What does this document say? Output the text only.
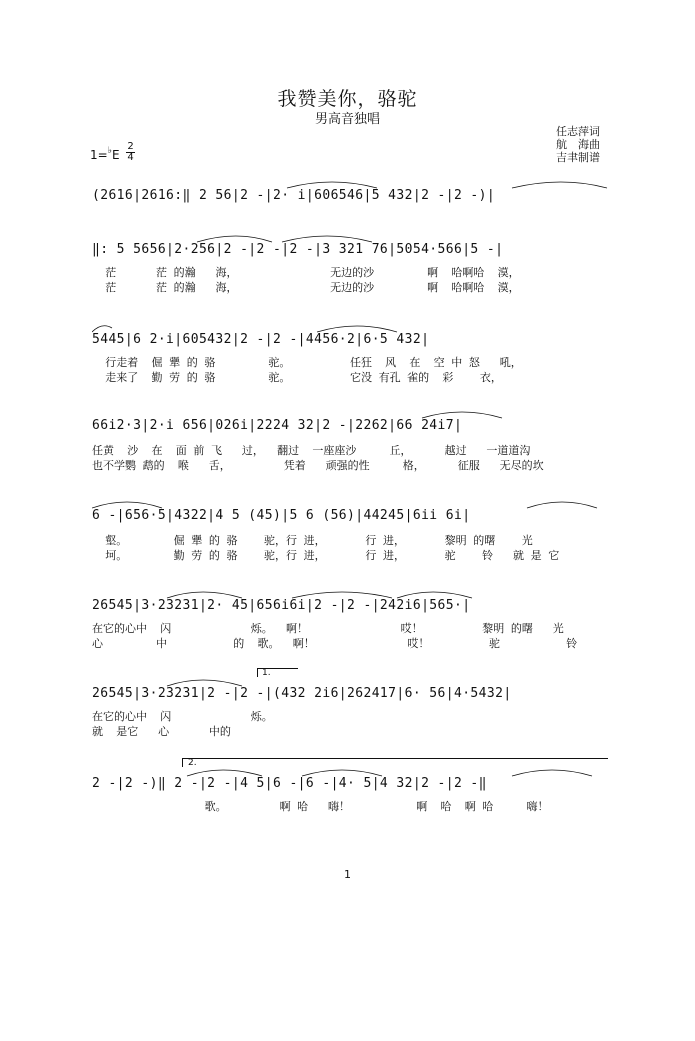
我赞美你，骆驼
男高音独唱
任志萍词
航　海曲
吉聿制谱
1=♭E
2
4
(2616|2616:‖ 2 56|2 -|2· i|606546|5 432|2 -|2 -)|
‖: 5 5656|2·256|2 -|2 -|2 -|3 321 76|5054·566|5 -|
茫      茫 的瀚   海，              无边的沙        啊  哈啊哈  漠，
茫      茫 的瀚   海，              无边的沙        啊  哈啊哈  漠，
5445|6 2·i|605432|2 -|2 -|4456·2|6·5 432|
行走着  倔 犟 的 骆        驼。         任狂  风  在  空 中 怒   吼，
走来了  勤 劳 的 骆        驼。         它没 有孔 雀的  彩    衣，
66i2·3|2·i 656|026i|2224 32|2 -|2262|66 24i7|
任黄  沙  在  面 前 飞   过，  翻过  一座座沙     丘，     越过   一道道沟
也不学鹦 鹉的  喉   舌，        凭着   顽强的性     格，     征服   无尽的坎
6 -|656·5|4322|4 5 (45)|5 6 (56)|44245|6ii 6i|
壑。       倔 犟 的 骆    驼，行 进，      行 进，      黎明 的曙    光
坷。       勤 劳 的 骆    驼，行 进，      行 进，      驼    铃   就 是 它
26545|3·23231|2· 45|656i6i|2 -|2 -|242i6|565·|
在它的心中  闪            烁。  啊！              哎！         黎明 的曙   光
心        中          的  歌。  啊！              哎！         驼          铃
1.
26545|3·23231|2 -|2 -|(432 2i6|262417|6· 56|4·5432|
在它的心中  闪            烁。
就  是它   心      中的
2.
2 -|2 -)‖ 2 -|2 -|4 5|6 -|6 -|4· 5|4 32|2 -|2 -‖
歌。        啊 哈   嗨！          啊  哈  啊 哈     嗨！
1
